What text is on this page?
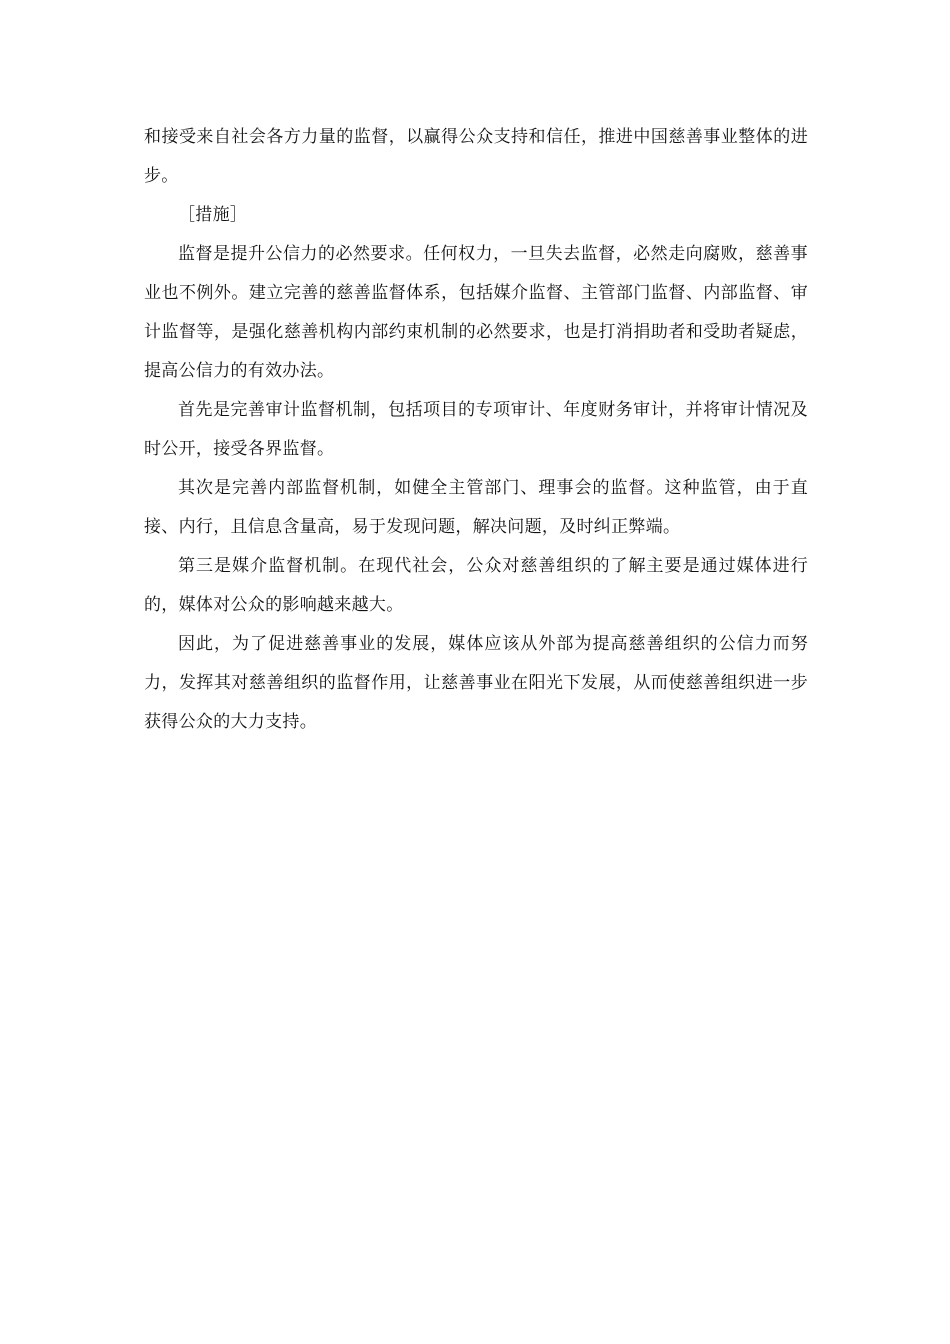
和接受来自社会各方力量的监督，以赢得公众支持和信任，推进中国慈善事业整体的进步。

［措施］

监督是提升公信力的必然要求。任何权力，一旦失去监督，必然走向腐败，慈善事业也不例外。建立完善的慈善监督体系，包括媒介监督、主管部门监督、内部监督、审计监督等，是强化慈善机构内部约束机制的必然要求，也是打消捐助者和受助者疑虑，提高公信力的有效办法。

首先是完善审计监督机制，包括项目的专项审计、年度财务审计，并将审计情况及时公开，接受各界监督。

其次是完善内部监督机制，如健全主管部门、理事会的监督。这种监管，由于直接、内行，且信息含量高，易于发现问题，解决问题，及时纠正弊端。

第三是媒介监督机制。在现代社会，公众对慈善组织的了解主要是通过媒体进行的，媒体对公众的影响越来越大。

因此，为了促进慈善事业的发展，媒体应该从外部为提高慈善组织的公信力而努力，发挥其对慈善组织的监督作用，让慈善事业在阳光下发展，从而使慈善组织进一步获得公众的大力支持。
